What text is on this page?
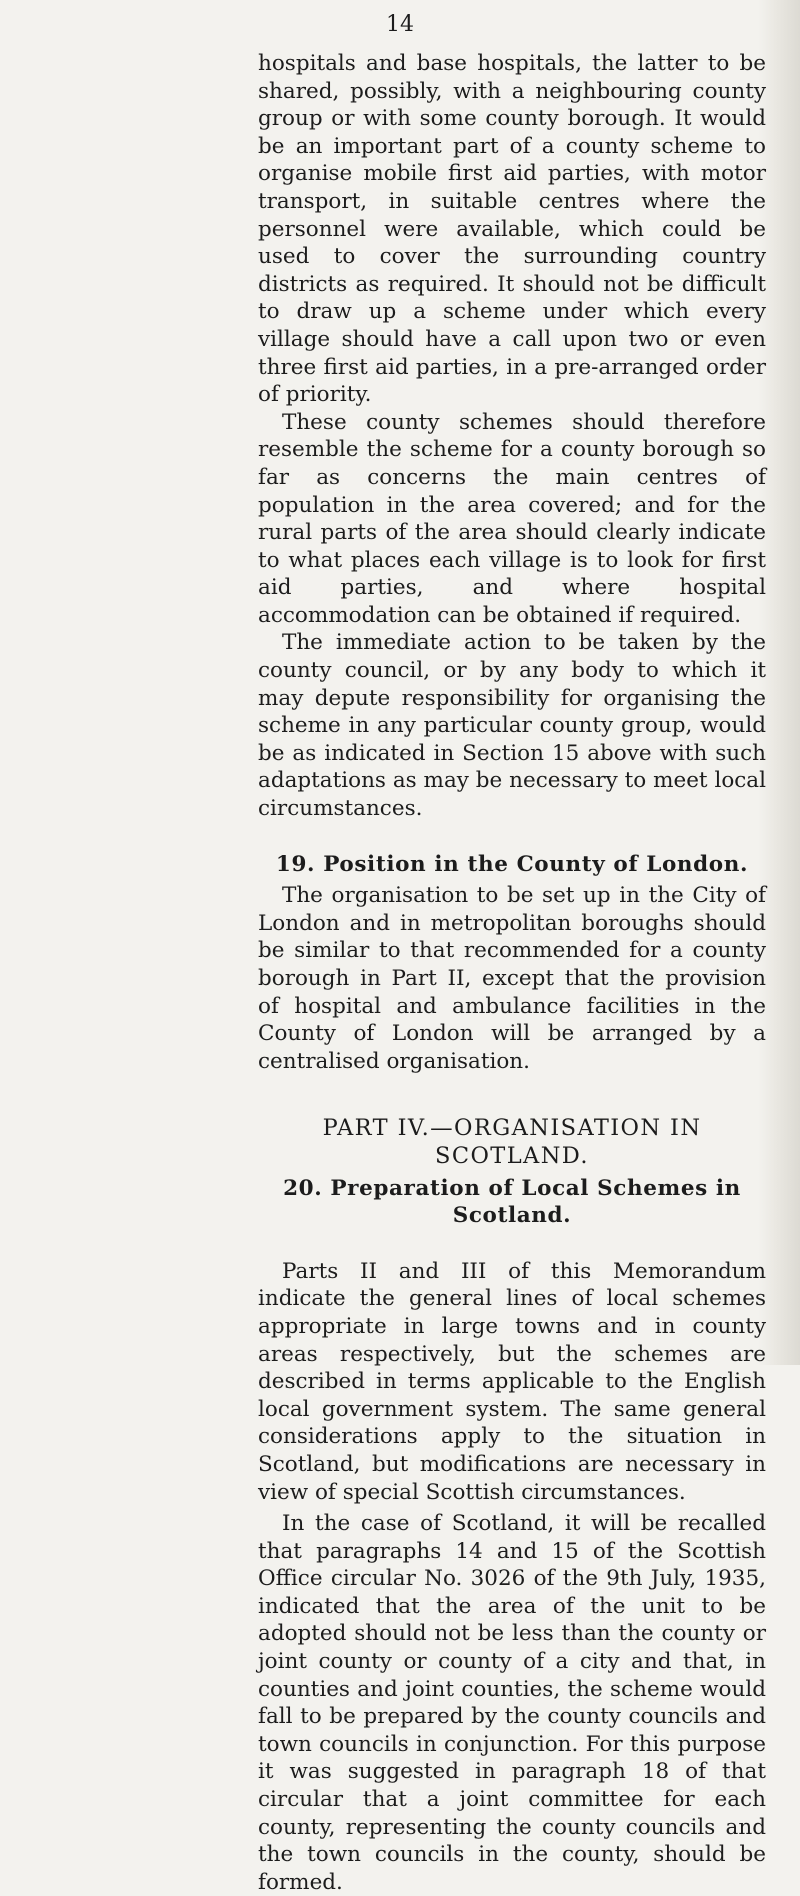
14

hospitals and base hospitals, the latter to be shared, possibly, with a neighbouring county group or with some county borough. It would be an important part of a county scheme to organise mobile first aid parties, with motor transport, in suitable centres where the personnel were available, which could be used to cover the surrounding country districts as required. It should not be difficult to draw up a scheme under which every village should have a call upon two or even three first aid parties, in a pre-arranged order of priority.

These county schemes should therefore resemble the scheme for a county borough so far as concerns the main centres of population in the area covered; and for the rural parts of the area should clearly indicate to what places each village is to look for first aid parties, and where hospital accommodation can be obtained if required.

The immediate action to be taken by the county council, or by any body to which it may depute responsibility for organising the scheme in any particular county group, would be as indicated in Section 15 above with such adaptations as may be necessary to meet local circumstances.

19. Position in the County of London.

The organisation to be set up in the City of London and in metropolitan boroughs should be similar to that recommended for a county borough in Part II, except that the provision of hospital and ambulance facilities in the County of London will be arranged by a centralised organisation.

PART IV.—ORGANISATION IN SCOTLAND.

20. Preparation of Local Schemes in Scotland.

Parts II and III of this Memorandum indicate the general lines of local schemes appropriate in large towns and in county areas respectively, but the schemes are described in terms applicable to the English local government system. The same general considerations apply to the situation in Scotland, but modifications are necessary in view of special Scottish circumstances.

In the case of Scotland, it will be recalled that paragraphs 14 and 15 of the Scottish Office circular No. 3026 of the 9th July, 1935, indicated that the area of the unit to be adopted should not be less than the county or joint county or county of a city and that, in counties and joint counties, the scheme would fall to be prepared by the county councils and town councils in conjunction. For this purpose it was suggested in paragraph 18 of that circular that a joint committee for each county, representing the county councils and the town councils in the county, should be formed.
